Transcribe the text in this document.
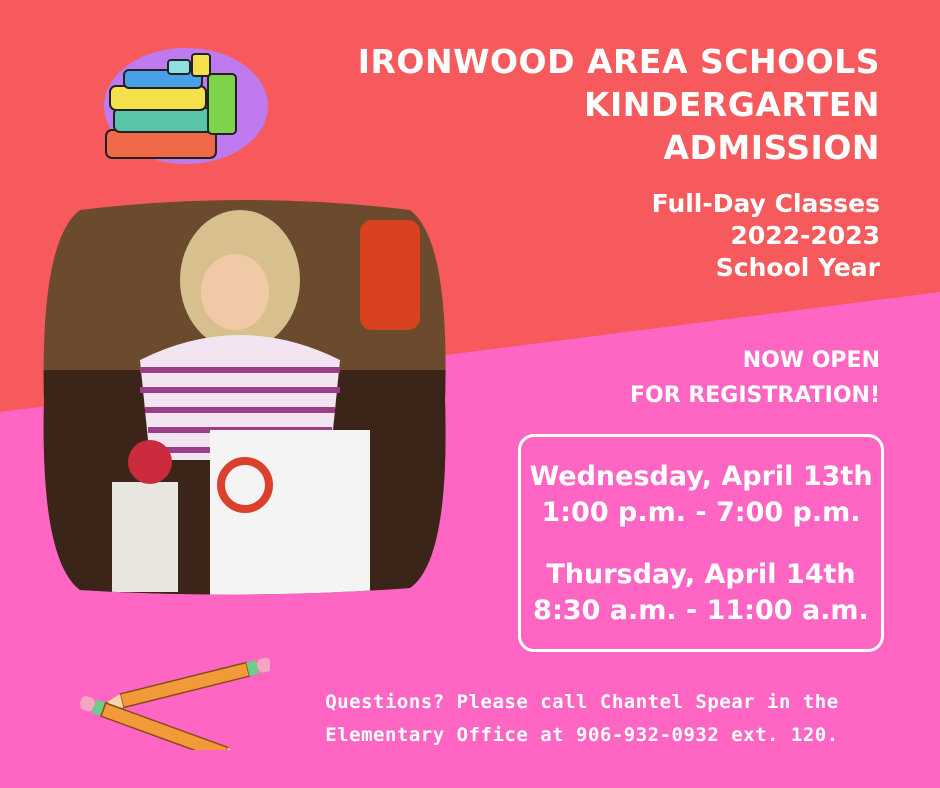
IRONWOOD AREA SCHOOLS
KINDERGARTEN
ADMISSION
Full-Day Classes
2022-2023
School Year
NOW OPEN
FOR REGISTRATION!
Wednesday, April 13th
1:00 p.m. - 7:00 p.m.
Thursday, April 14th
8:30 a.m. - 11:00 a.m.
Questions? Please call Chantel Spear in the
Elementary Office at 906-932-0932 ext. 120.
